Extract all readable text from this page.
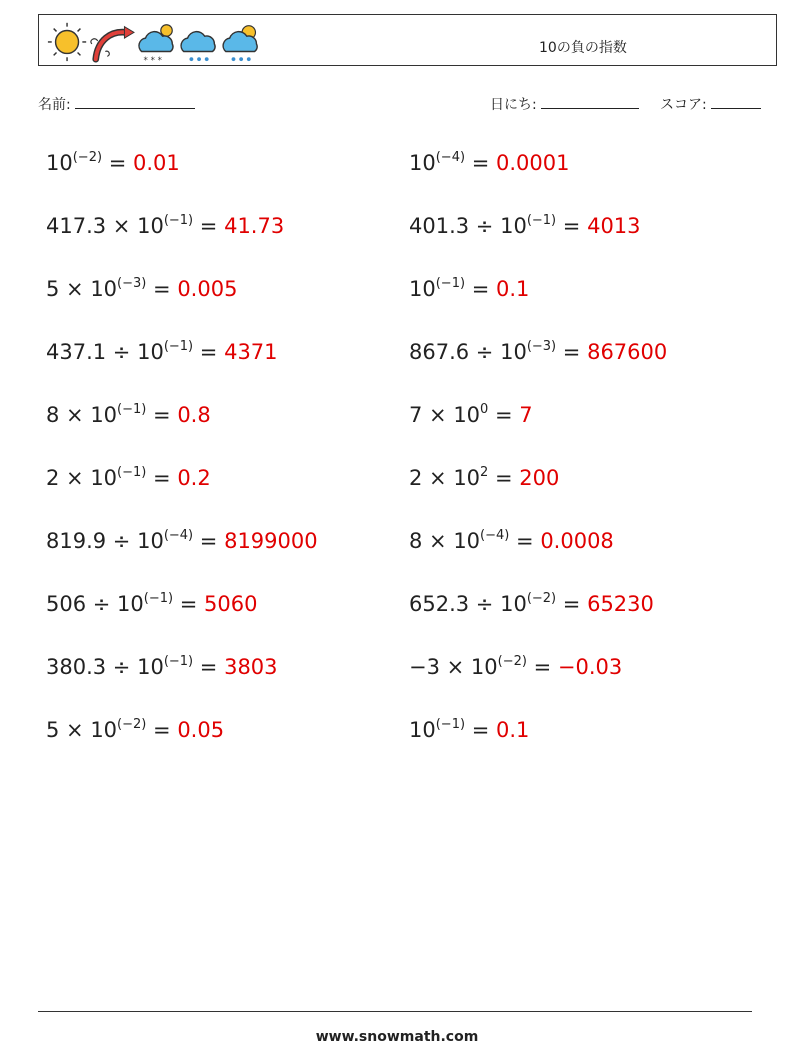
* * *
10の負の指数
名前:	日にち:	スコア:
$10^{(-2)} = 0.01$	$10^{(-4)} = 0.0001$
$417.3 \times 10^{(-1)} = 41.73$	$401.3 \div 10^{(-1)} = 4013$
$5 \times 10^{(-3)} = 0.005$	$10^{(-1)} = 0.1$
$437.1 \div 10^{(-1)} = 4371$	$867.6 \div 10^{(-3)} = 867600$
$8 \times 10^{(-1)} = 0.8$	$7 \times 10^0 = 7$
$2 \times 10^{(-1)} = 0.2$	$2 \times 10^2 = 200$
$819.9 \div 10^{(-4)} = 8199000$	$8 \times 10^{(-4)} = 0.0008$
$506 \div 10^{(-1)} = 5060$	$652.3 \div 10^{(-2)} = 65230$
$380.3 \div 10^{(-1)} = 3803$	$-3 \times 10^{(-2)} = -0.03$
$5 \times 10^{(-2)} = 0.05$	$10^{(-1)} = 0.1$
www.snowmath.com
